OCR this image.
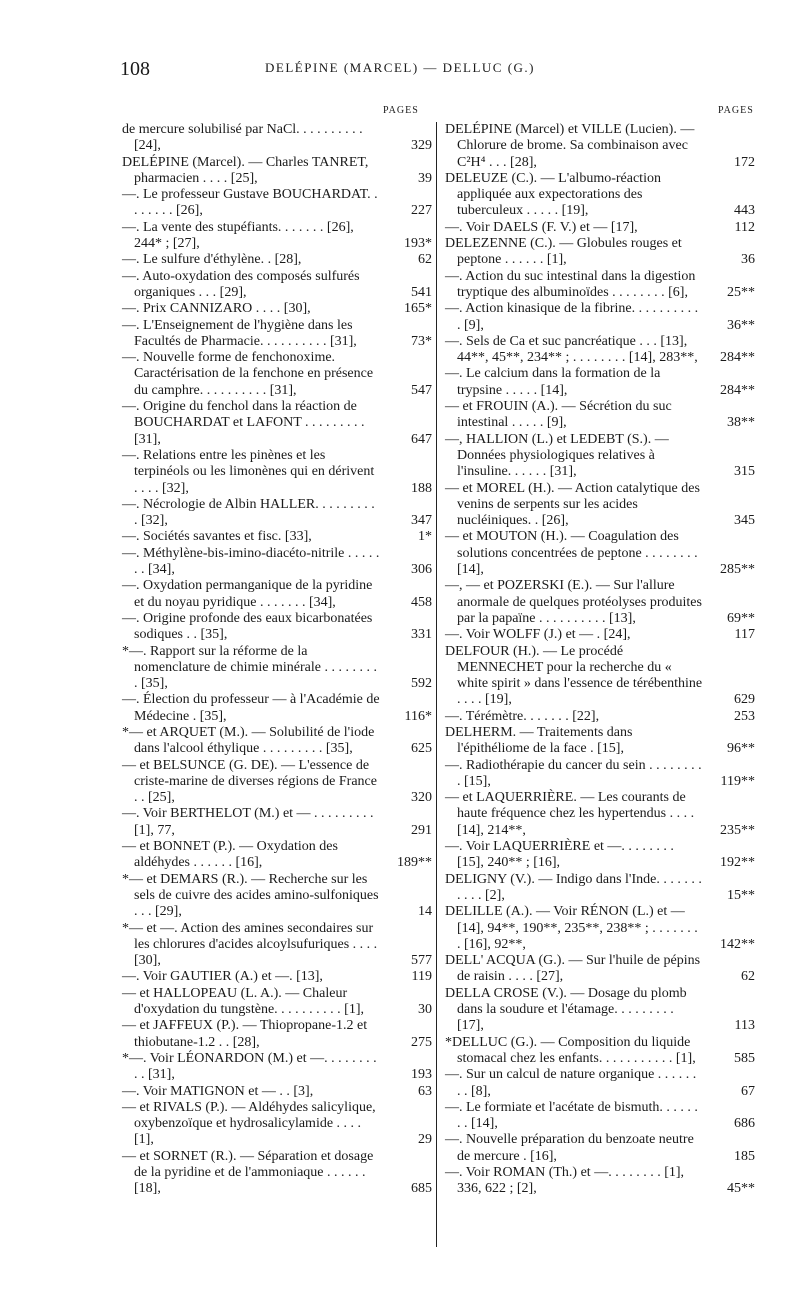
108	DELÉPINE (MARCEL) — DELLUC (G.)
PAGES	PAGES
de mercure solubilisé par NaCl. . . . . . . . . . [24],	329
DELÉPINE (Marcel). — Charles TANRET, pharmacien . . . . [25],	39
—. Le professeur Gustave BOUCHARDAT. . . . . . . . [26],	227
—. La vente des stupéfiants. . . . . . . [26], 244* ; [27],	193*
—. Le sulfure d'éthylène. . [28],	62
—. Auto-oxydation des composés sulfurés organiques . . . [29],	541
—. Prix CANNIZARO . . . . [30],	165*
—. L'Enseignement de l'hygiène dans les Facultés de Pharmacie. . . . . . . . . . [31],	73*
—. Nouvelle forme de fenchonoxime. Caractérisation de la fenchone en présence du camphre. . . . . . . . . . [31],	547
—. Origine du fenchol dans la réaction de BOUCHARDAT et LAFONT . . . . . . . . . [31],	647
—. Relations entre les pinènes et les terpinéols ou les limonènes qui en dérivent . . . . [32],	188
—. Nécrologie de Albin HALLER. . . . . . . . . . [32],	347
—. Sociétés savantes et fisc. [33],	1*
—. Méthylène-bis-imino-diacéto-nitrile . . . . . . . [34],	306
—. Oxydation permanganique de la pyridine et du noyau pyridique . . . . . . . [34],	458
—. Origine profonde des eaux bicarbonatées sodiques . . [35],	331
*—. Rapport sur la réforme de la nomenclature de chimie minérale . . . . . . . . . [35],	592
—. Élection du professeur — à l'Académie de Médecine . [35],	116*
*— et ARQUET (M.). — Solubilité de l'iode dans l'alcool éthylique . . . . . . . . . [35],	625
— et BELSUNCE (G. DE). — L'essence de criste-marine de diverses régions de France . . [25],	320
—. Voir BERTHELOT (M.) et — . . . . . . . . . [1], 77,	291
— et BONNET (P.). — Oxydation des aldéhydes . . . . . . [16],	189**
*— et DEMARS (R.). — Recherche sur les sels de cuivre des acides amino-sulfoniques . . . [29],	14
*— et —. Action des amines secondaires sur les chlorures d'acides alcoylsufuriques . . . . [30],	577
—. Voir GAUTIER (A.) et —. [13],	119
— et HALLOPEAU (L. A.). — Chaleur d'oxydation du tungstène. . . . . . . . . . [1],	30
— et JAFFEUX (P.). — Thiopropane-1.2 et thiobutane-1.2 . . [28],	275
*—. Voir LÉONARDON (M.) et —. . . . . . . . . . [31],	193
—. Voir MATIGNON et — . . [3],	63
— et RIVALS (P.). — Aldéhydes salicylique, oxybenzoïque et hydrosalicylamide . . . . [1],	29
— et SORNET (R.). — Séparation et dosage de la pyridine et de l'ammoniaque . . . . . . [18],	685
DELÉPINE (Marcel) et VILLE (Lucien). — Chlorure de brome. Sa combinaison avec C²H⁴ . . . [28],	172
DELEUZE (C.). — L'albumo-réaction appliquée aux expectorations des tuberculeux . . . . . [19],	443
—. Voir DAELS (F. V.) et — [17],	112
DELEZENNE (C.). — Globules rouges et peptone . . . . . . [1],	36
—. Action du suc intestinal dans la digestion tryptique des albuminoïdes . . . . . . . . [6],	25**
—. Action kinasique de la fibrine. . . . . . . . . . . [9],	36**
—. Sels de Ca et suc pancréatique . . . [13], 44**, 45**, 234** ; . . . . . . . . [14], 283**,	284**
—. Le calcium dans la formation de la trypsine . . . . . [14],	284**
— et FROUIN (A.). — Sécrétion du suc intestinal . . . . . [9],	38**
—, HALLION (L.) et LEDEBT (S.). — Données physiologiques relatives à l'insuline. . . . . . [31],	315
— et MOREL (H.). — Action catalytique des venins de serpents sur les acides nucléiniques. . [26],	345
— et MOUTON (H.). — Coagulation des solutions concentrées de peptone . . . . . . . . [14],	285**
—, — et POZERSKI (E.). — Sur l'allure anormale de quelques protéolyses produites par la papaïne . . . . . . . . . . [13],	69**
—. Voir WOLFF (J.) et — . [24],	117
DELFOUR (H.). — Le procédé MENNECHET pour la recherche du « white spirit » dans l'essence de térébenthine . . . . [19],	629
—. Térémètre. . . . . . . [22],	253
DELHERM. — Traitements dans l'épithéliome de la face . [15],	96**
—. Radiothérapie du cancer du sein . . . . . . . . . [15],	119**
— et LAQUERRIÈRE. — Les courants de haute fréquence chez les hypertendus . . . . [14], 214**,	235**
—. Voir LAQUERRIÈRE et —. . . . . . . . [15], 240** ; [16],	192**
DELIGNY (V.). — Indigo dans l'Inde. . . . . . . . . . . [2],	15**
DELILLE (A.). — Voir RÉNON (L.) et — [14], 94**, 190**, 235**, 238** ; . . . . . . . . [16], 92**,	142**
DELL' ACQUA (G.). — Sur l'huile de pépins de raisin . . . . [27],	62
DELLA CROSE (V.). — Dosage du plomb dans la soudure et l'étamage. . . . . . . . . [17],	113
*DELLUC (G.). — Composition du liquide stomacal chez les enfants. . . . . . . . . . . [1],	585
—. Sur un calcul de nature organique . . . . . . . . [8],	67
—. Le formiate et l'acétate de bismuth. . . . . . . . [14],	686
—. Nouvelle préparation du benzoate neutre de mercure . [16],	185
—. Voir ROMAN (Th.) et —. . . . . . . . [1], 336, 622 ; [2],	45**
